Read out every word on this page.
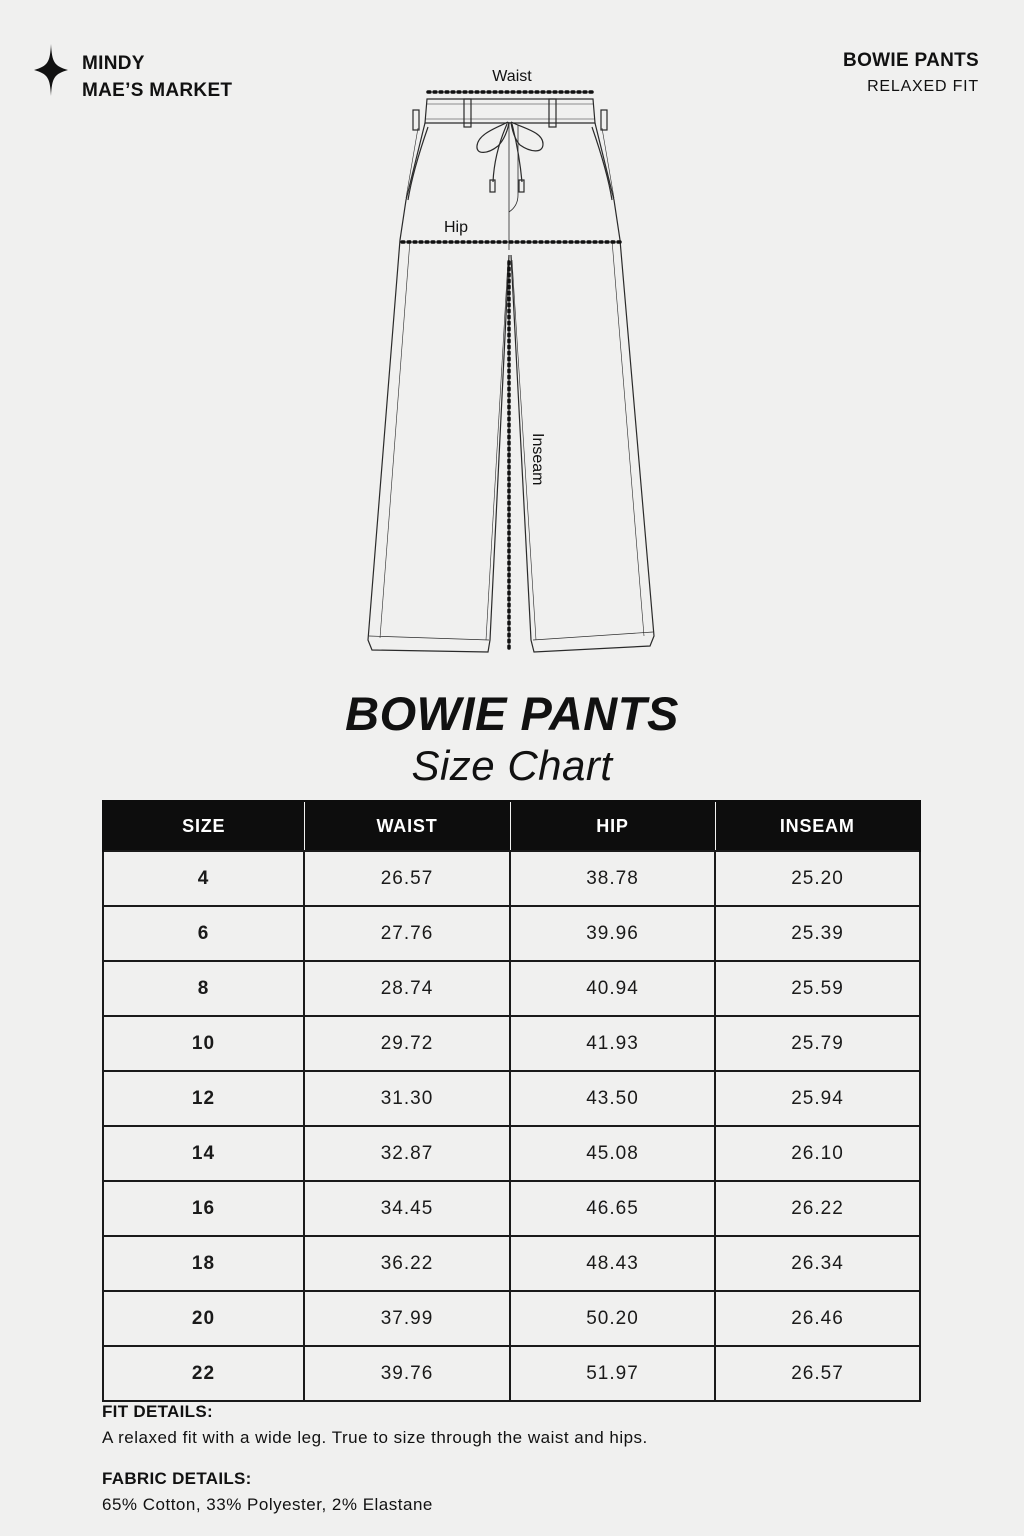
MINDY
MAE’S MARKET
BOWIE PANTS
RELAXED FIT
Waist
Hip
Inseam
BOWIE PANTS
Size Chart
SIZE	WAIST	HIP	INSEAM
4	26.57	38.78	25.20
6	27.76	39.96	25.39
8	28.74	40.94	25.59
10	29.72	41.93	25.79
12	31.30	43.50	25.94
14	32.87	45.08	26.10
16	34.45	46.65	26.22
18	36.22	48.43	26.34
20	37.99	50.20	26.46
22	39.76	51.97	26.57
FIT DETAILS:
A relaxed fit with a wide leg. True to size through the waist and hips.
FABRIC DETAILS:
65% Cotton, 33% Polyester, 2% Elastane
